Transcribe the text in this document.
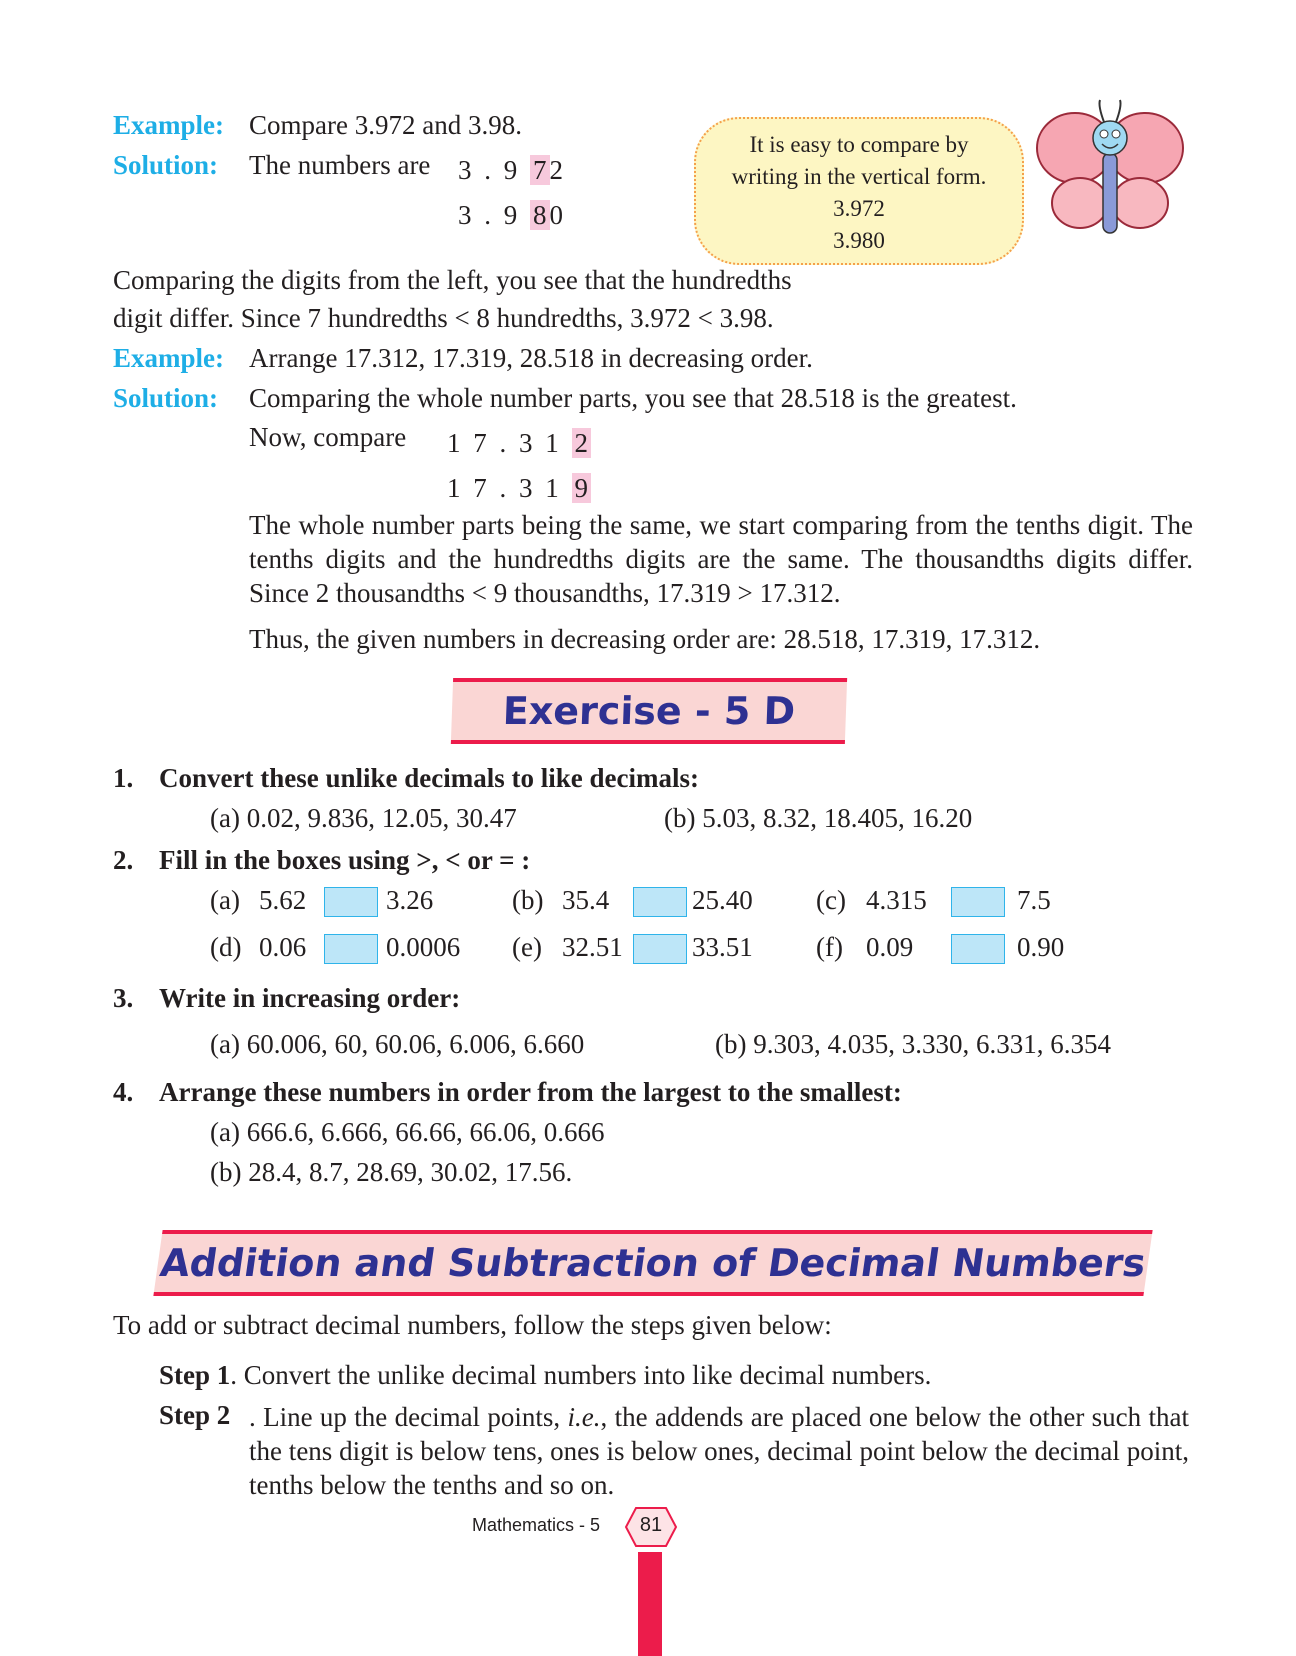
Example: Compare 3.972 and 3.98.
Solution: The numbers are 3 . 9 7 2
3 . 9 8 0
It is easy to compare by
writing in the vertical form.
3.972
3.980
Comparing the digits from the left, you see that the hundredths
digit differ. Since 7 hundredths < 8 hundredths, 3.972 < 3.98.
Example: Arrange 17.312, 17.319, 28.518 in decreasing order.
Solution: Comparing the whole number parts, you see that 28.518 is the greatest.
Now, compare 1 7 . 3 1 2
1 7 . 3 1 9
The whole number parts being the same, we start comparing from the tenths digit. The tenths digits and the hundredths digits are the same. The thousandths digits differ. Since 2 thousandths < 9 thousandths, 17.319 > 17.312.
Thus, the given numbers in decreasing order are: 28.518, 17.319, 17.312.
Exercise - 5 D
1. Convert these unlike decimals to like decimals:
(a) 0.02, 9.836, 12.05, 30.47	(b) 5.03, 8.32, 18.405, 16.20
2. Fill in the boxes using >, < or = :
(a) 5.62	3.26	(b) 35.4	25.40 (c) 4.315	7.5
(d) 0.06	0.0006 (e) 32.51	33.51 (f) 0.09	0.90
3. Write in increasing order:
(a) 60.006, 60, 60.06, 6.006, 6.660	(b) 9.303, 4.035, 3.330, 6.331, 6.354
4. Arrange these numbers in order from the largest to the smallest:
(a) 666.6, 6.666, 66.66, 66.06, 0.666
(b) 28.4, 8.7, 28.69, 30.02, 17.56.
Addition and Subtraction of Decimal Numbers
To add or subtract decimal numbers, follow the steps given below:
Step 1. Convert the unlike decimal numbers into like decimal numbers.
Step 2 . Line up the decimal points, i.e., the addends are placed one below the other such that the tens digit is below tens, ones is below ones, decimal point below the decimal point, tenths below the tenths and so on.
Mathematics - 5	81
